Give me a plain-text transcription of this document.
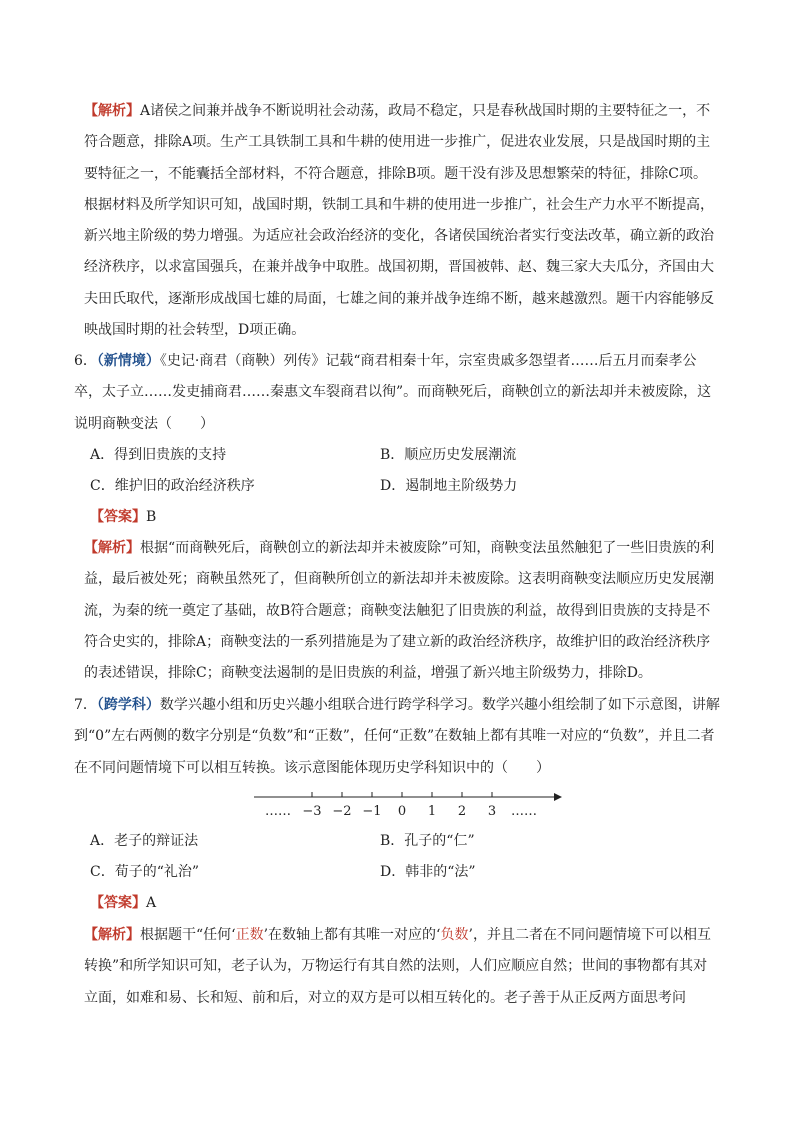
【解析】A诸侯之间兼并战争不断说明社会动荡，政局不稳定，只是春秋战国时期的主要特征之一，不符合题意，排除A项。生产工具铁制工具和牛耕的使用进一步推广，促进农业发展，只是战国时期的主要特征之一，不能囊括全部材料，不符合题意，排除B项。题干没有涉及思想繁荣的特征，排除C项。根据材料及所学知识可知，战国时期，铁制工具和牛耕的使用进一步推广，社会生产力水平不断提高，新兴地主阶级的势力增强。为适应社会政治经济的变化，各诸侯国统治者实行变法改革，确立新的政治经济秩序，以求富国强兵，在兼并战争中取胜。战国初期，晋国被韩、赵、魏三家大夫瓜分，齐国由大夫田氏取代，逐渐形成战国七雄的局面，七雄之间的兼并战争连绵不断，越来越激烈。题干内容能够反映战国时期的社会转型，D项正确。

6．（新情境）《史记·商君（商鞅）列传》记载“商君相秦十年，宗室贵戚多怨望者……后五月而秦孝公卒，太子立……发吏捕商君……秦惠文车裂商君以徇”。而商鞅死后，商鞅创立的新法却并未被废除，这说明商鞅变法（　　）

A．得到旧贵族的支持	B．顺应历史发展潮流
C．维护旧的政治经济秩序	D．遏制地主阶级势力
【答案】B

【解析】根据“而商鞅死后，商鞅创立的新法却并未被废除”可知，商鞅变法虽然触犯了一些旧贵族的利益，最后被处死；商鞅虽然死了，但商鞅所创立的新法却并未被废除。这表明商鞅变法顺应历史发展潮流，为秦的统一奠定了基础，故B符合题意；商鞅变法触犯了旧贵族的利益，故得到旧贵族的支持是不符合史实的，排除A；商鞅变法的一系列措施是为了建立新的政治经济秩序，故维护旧的政治经济秩序的表述错误，排除C；商鞅变法遏制的是旧贵族的利益，增强了新兴地主阶级势力，排除D。

7．（跨学科）数学兴趣小组和历史兴趣小组联合进行跨学科学习。数学兴趣小组绘制了如下示意图，讲解到“0”左右两侧的数字分别是“负数”和“正数”，任何“正数”在数轴上都有其唯一对应的“负数”，并且二者在不同问题情境下可以相互转换。该示意图能体现历史学科知识中的（　　）

…… −3 −2 −1 0 1 2 3 ……
A．老子的辩证法	B．孔子的“仁”
C．荀子的“礼治”	D．韩非的“法”
【答案】A

【解析】根据题干“任何‘正数’在数轴上都有其唯一对应的‘负数’，并且二者在不同问题情境下可以相互转换”和所学知识可知，老子认为，万物运行有其自然的法则，人们应顺应自然；世间的事物都有其对立面，如难和易、长和短、前和后，对立的双方是可以相互转化的。老子善于从正反两方面思考问
